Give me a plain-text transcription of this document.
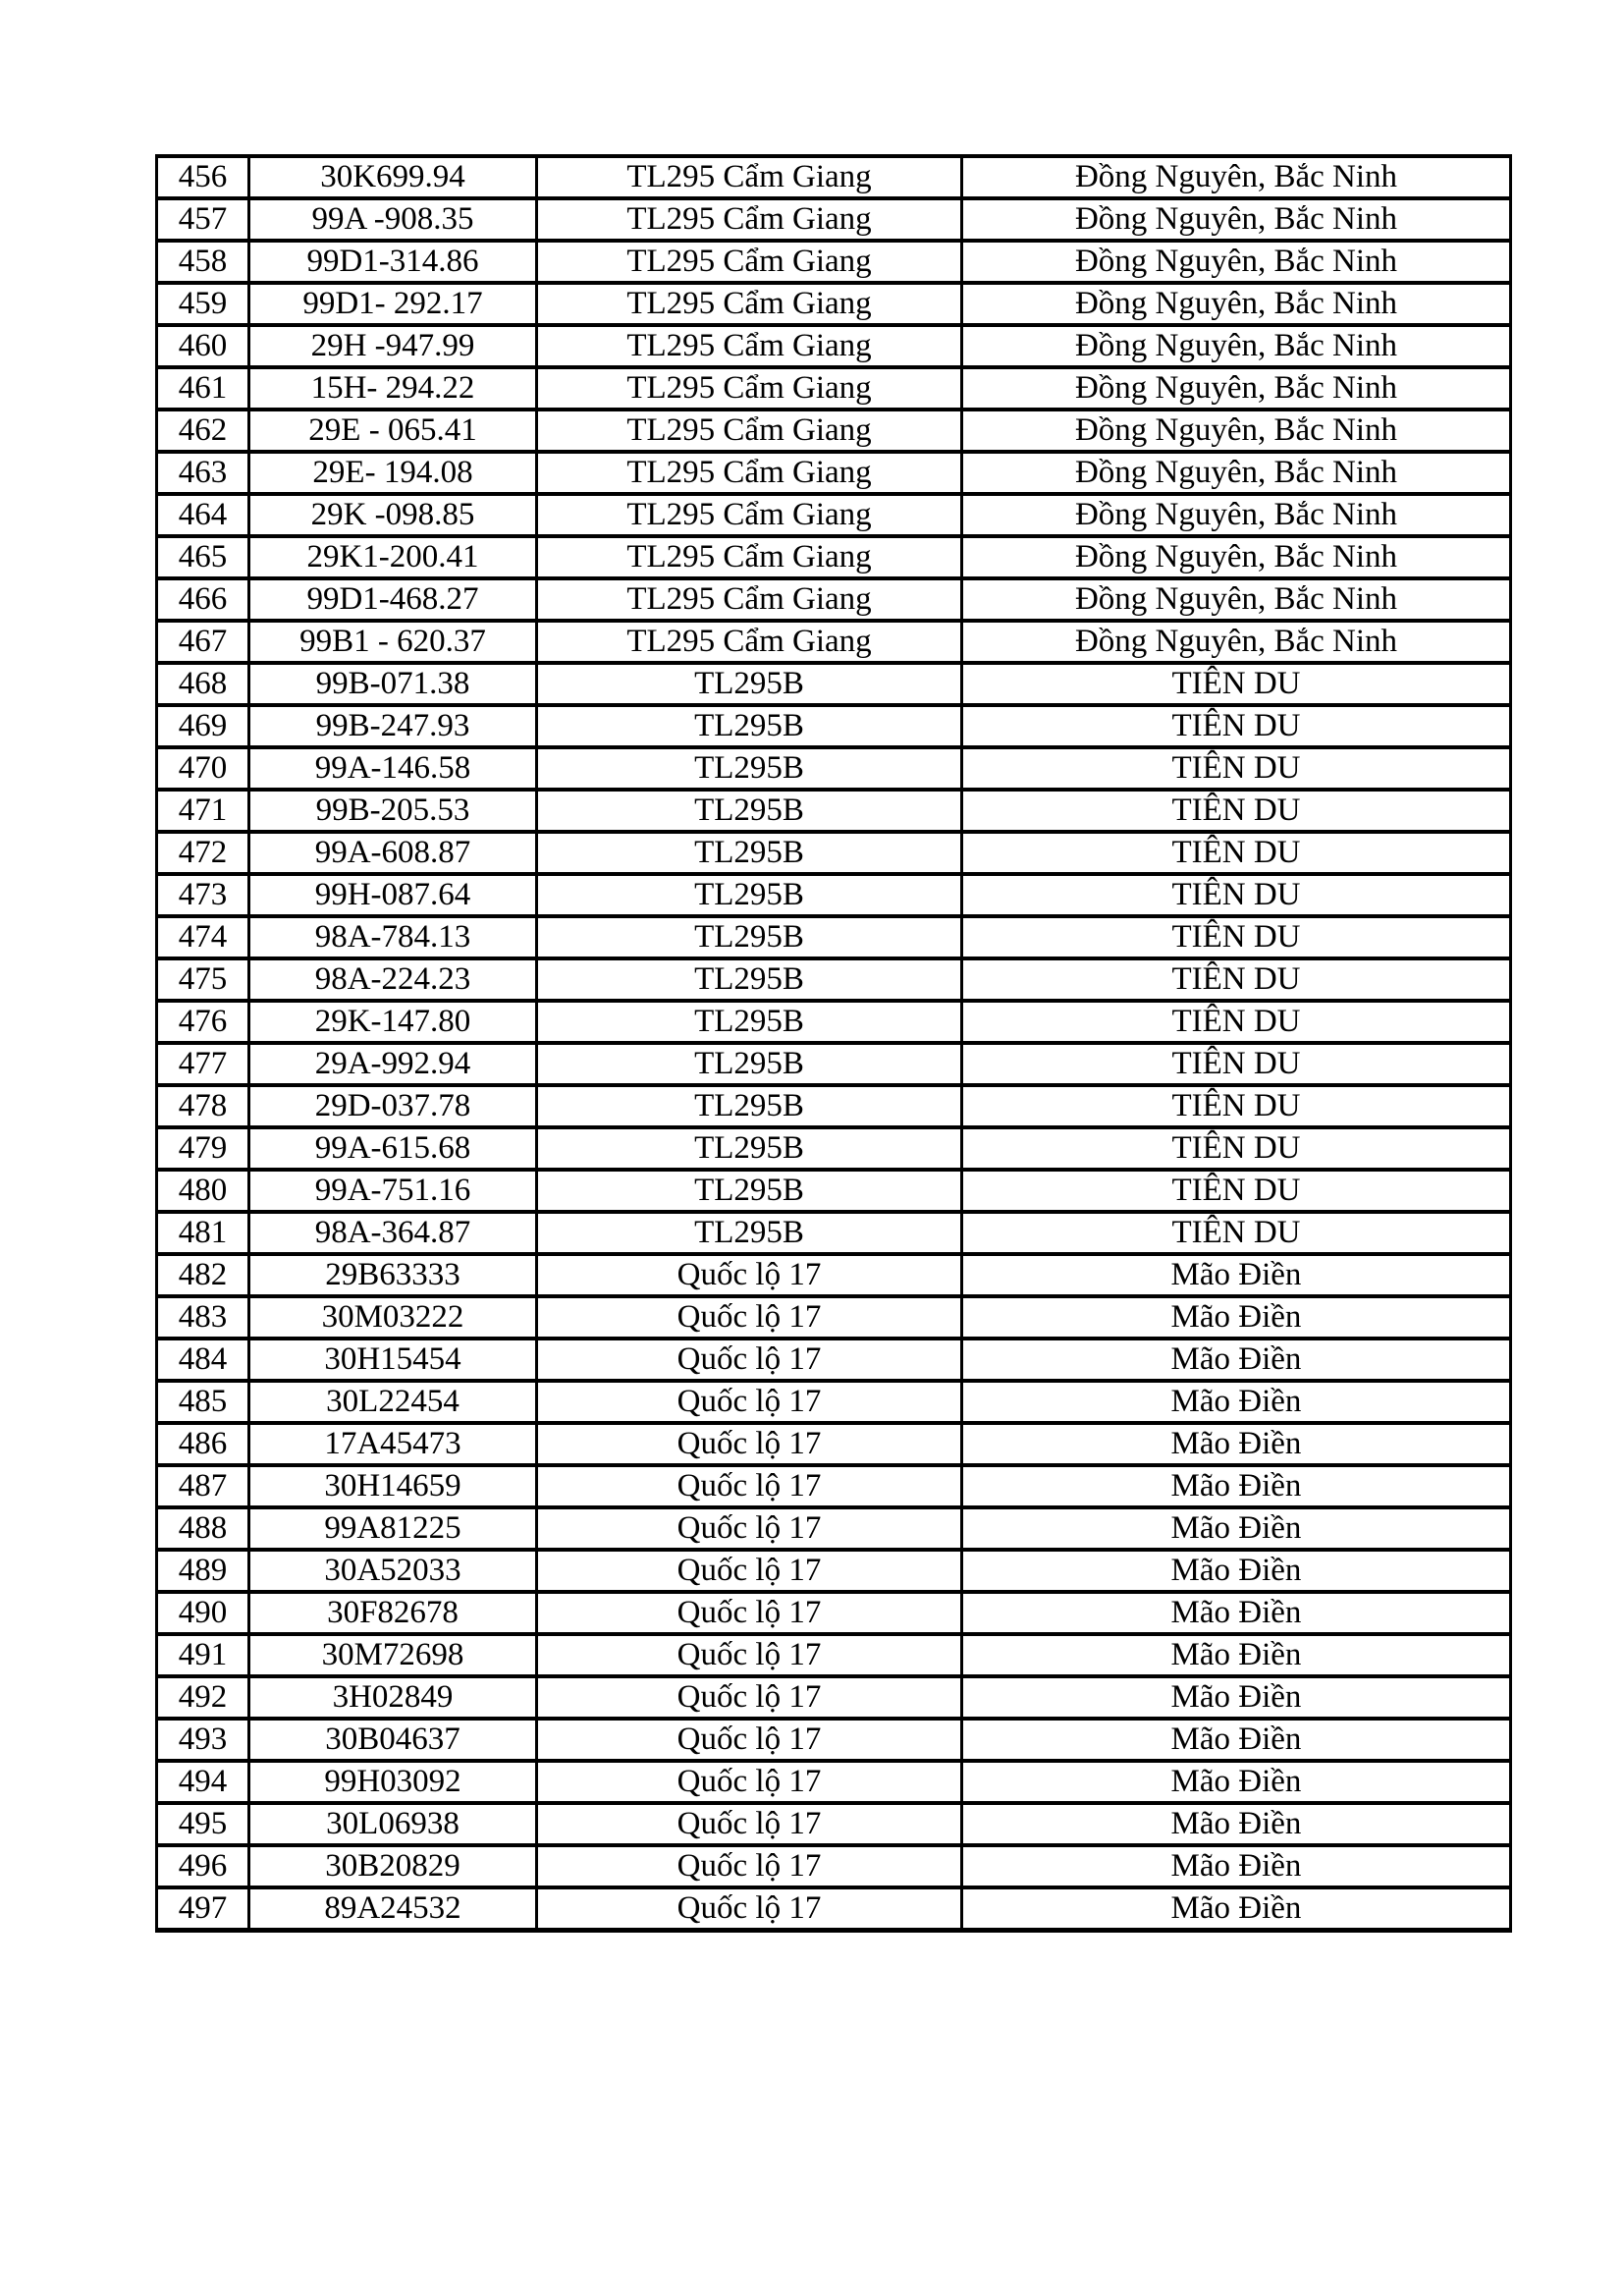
456	30K699.94	TL295 Cẩm Giang	Đồng Nguyên, Bắc Ninh
457	99A -908.35	TL295 Cẩm Giang	Đồng Nguyên, Bắc Ninh
458	99D1-314.86	TL295 Cẩm Giang	Đồng Nguyên, Bắc Ninh
459	99D1- 292.17	TL295 Cẩm Giang	Đồng Nguyên, Bắc Ninh
460	29H -947.99	TL295 Cẩm Giang	Đồng Nguyên, Bắc Ninh
461	15H- 294.22	TL295 Cẩm Giang	Đồng Nguyên, Bắc Ninh
462	29E - 065.41	TL295 Cẩm Giang	Đồng Nguyên, Bắc Ninh
463	29E- 194.08	TL295 Cẩm Giang	Đồng Nguyên, Bắc Ninh
464	29K -098.85	TL295 Cẩm Giang	Đồng Nguyên, Bắc Ninh
465	29K1-200.41	TL295 Cẩm Giang	Đồng Nguyên, Bắc Ninh
466	99D1-468.27	TL295 Cẩm Giang	Đồng Nguyên, Bắc Ninh
467	99B1 - 620.37	TL295 Cẩm Giang	Đồng Nguyên, Bắc Ninh
468	99B-071.38	TL295B	TIÊN DU
469	99B-247.93	TL295B	TIÊN DU
470	99A-146.58	TL295B	TIÊN DU
471	99B-205.53	TL295B	TIÊN DU
472	99A-608.87	TL295B	TIÊN DU
473	99H-087.64	TL295B	TIÊN DU
474	98A-784.13	TL295B	TIÊN DU
475	98A-224.23	TL295B	TIÊN DU
476	29K-147.80	TL295B	TIÊN DU
477	29A-992.94	TL295B	TIÊN DU
478	29D-037.78	TL295B	TIÊN DU
479	99A-615.68	TL295B	TIÊN DU
480	99A-751.16	TL295B	TIÊN DU
481	98A-364.87	TL295B	TIÊN DU
482	29B63333	Quốc lộ 17	Mão Điền
483	30M03222	Quốc lộ 17	Mão Điền
484	30H15454	Quốc lộ 17	Mão Điền
485	30L22454	Quốc lộ 17	Mão Điền
486	17A45473	Quốc lộ 17	Mão Điền
487	30H14659	Quốc lộ 17	Mão Điền
488	99A81225	Quốc lộ 17	Mão Điền
489	30A52033	Quốc lộ 17	Mão Điền
490	30F82678	Quốc lộ 17	Mão Điền
491	30M72698	Quốc lộ 17	Mão Điền
492	3H02849	Quốc lộ 17	Mão Điền
493	30B04637	Quốc lộ 17	Mão Điền
494	99H03092	Quốc lộ 17	Mão Điền
495	30L06938	Quốc lộ 17	Mão Điền
496	30B20829	Quốc lộ 17	Mão Điền
497	89A24532	Quốc lộ 17	Mão Điền
